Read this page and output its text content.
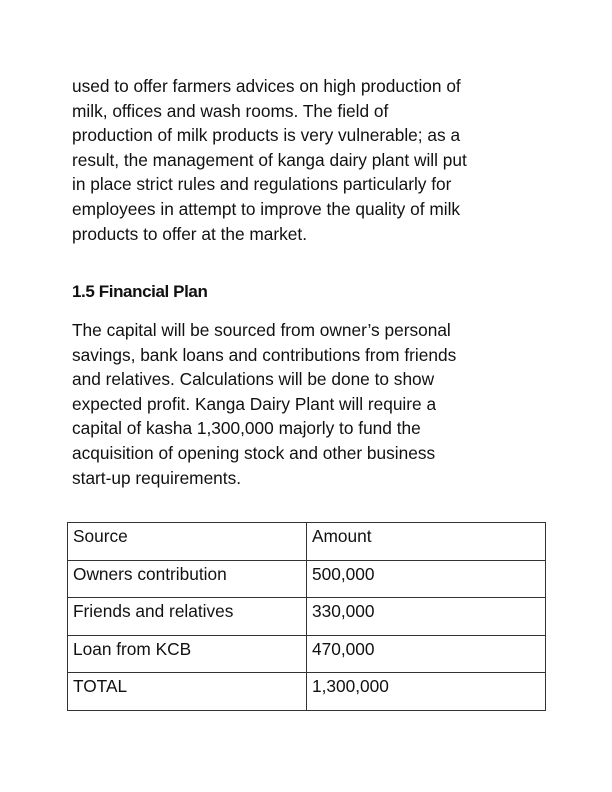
used to offer farmers advices on high production of
milk, offices and wash rooms. The field of
production of milk products is very vulnerable; as a
result, the management of kanga dairy plant will put
in place strict rules and regulations particularly for
employees in attempt to improve the quality of milk
products to offer at the market.
1.5 Financial Plan
The capital will be sourced from owner’s personal
savings, bank loans and contributions from friends
and relatives. Calculations will be done to show
expected profit. Kanga Dairy Plant will require a
capital of kasha 1,300,000 majorly to fund the
acquisition of opening stock and other business
start-up requirements.
Source	Amount
Owners contribution	500,000
Friends and relatives	330,000
Loan from KCB	470,000
TOTAL	1,300,000
